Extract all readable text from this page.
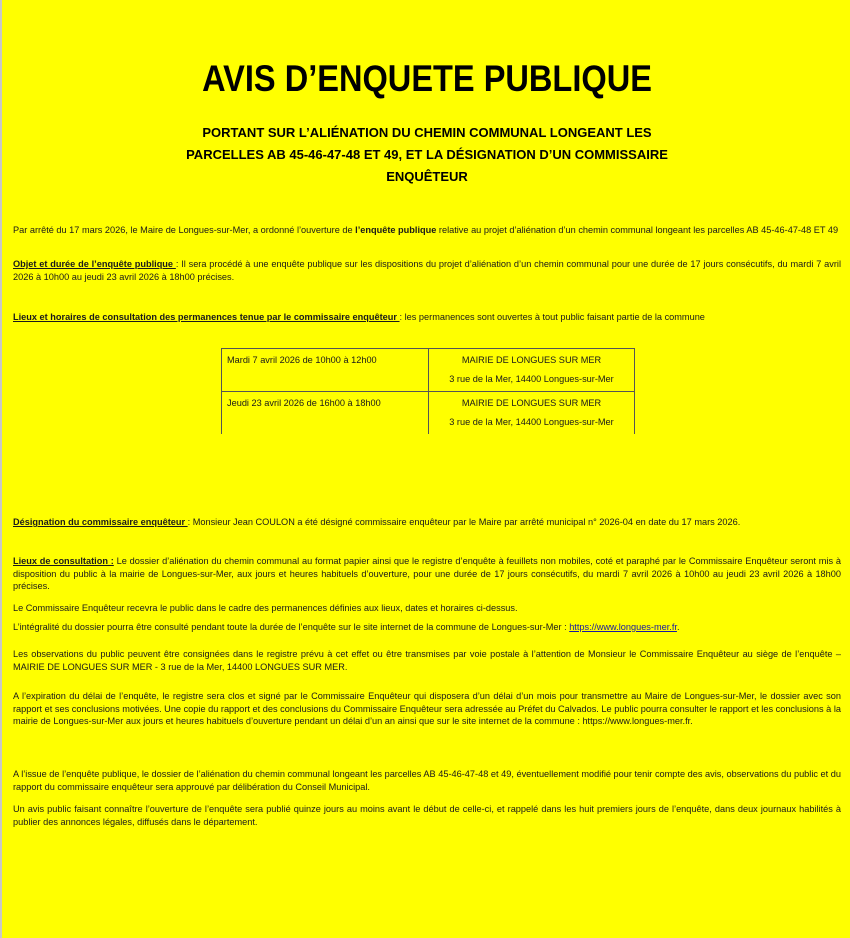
AVIS D’ENQUETE PUBLIQUE
PORTANT SUR L’ALIÉNATION DU CHEMIN COMMUNAL LONGEANT LES
PARCELLES AB 45-46-47-48 ET 49, ET LA DÉSIGNATION D’UN COMMISSAIRE
ENQUÊTEUR
Par arrêté du 17 mars 2026, le Maire de Longues-sur-Mer, a ordonné l’ouverture de l’enquête publique relative au projet d’aliénation d’un chemin communal longeant les parcelles AB 45-46-47-48 ET 49
Objet et durée de l’enquête publique : Il sera procédé à une enquête publique sur les dispositions du projet d’aliénation d’un chemin communal pour une durée de 17 jours consécutifs, du mardi 7 avril 2026 à 10h00 au jeudi 23 avril 2026 à 18h00 précises.
Lieux et horaires de consultation des permanences tenue par le commissaire enquêteur : les permanences sont ouvertes à tout public faisant partie de la commune
Mardi 7 avril 2026 de 10h00 à 12h00	MAIRIE DE LONGUES SUR MER
3 rue de la Mer, 14400 Longues-sur-Mer

Jeudi 23 avril 2026 de 16h00 à 18h00	MAIRIE DE LONGUES SUR MER
3 rue de la Mer, 14400 Longues-sur-Mer
Désignation du commissaire enquêteur : Monsieur Jean COULON a été désigné commissaire enquêteur par le Maire par arrêté municipal n° 2026-04 en date du 17 mars 2026.
Lieux de consultation : Le dossier d’aliénation du chemin communal au format papier ainsi que le registre d’enquête à feuillets non mobiles, coté et paraphé par le Commissaire Enquêteur seront mis à disposition du public à la mairie de Longues-sur-Mer, aux jours et heures habituels d’ouverture, pour une durée de 17 jours consécutifs, du mardi 7 avril 2026 à 10h00 au jeudi 23 avril 2026 à 18h00 précises.
Le Commissaire Enquêteur recevra le public dans le cadre des permanences définies aux lieux, dates et horaires ci-dessus.
L’intégralité du dossier pourra être consulté pendant toute la durée de l’enquête sur le site internet de la commune de Longues-sur-Mer : https://www.longues-mer.fr.
Les observations du public peuvent être consignées dans le registre prévu à cet effet ou être transmises par voie postale à l’attention de Monsieur le Commissaire Enquêteur au siège de l’enquête – MAIRIE DE LONGUES SUR MER - 3 rue de la Mer, 14400 LONGUES SUR MER.
A l’expiration du délai de l’enquête, le registre sera clos et signé par le Commissaire Enquêteur qui disposera d’un délai d’un mois pour transmettre au Maire de Longues-sur-Mer, le dossier avec son rapport et ses conclusions motivées. Une copie du rapport et des conclusions du Commissaire Enquêteur sera adressée au Préfet du Calvados. Le public pourra consulter le rapport et les conclusions à la mairie de Longues-sur-Mer aux jours et heures habituels d’ouverture pendant un délai d’un an ainsi que sur le site internet de la commune : https://www.longues-mer.fr.
A l’issue de l’enquête publique, le dossier de l’aliénation du chemin communal longeant les parcelles AB 45-46-47-48 et 49, éventuellement modifié pour tenir compte des avis, observations du public et du rapport du commissaire enquêteur sera approuvé par délibération du Conseil Municipal.
Un avis public faisant connaître l’ouverture de l’enquête sera publié quinze jours au moins avant le début de celle-ci, et rappelé dans les huit premiers jours de l’enquête, dans deux journaux habilités à publier des annonces légales, diffusés dans le département.
